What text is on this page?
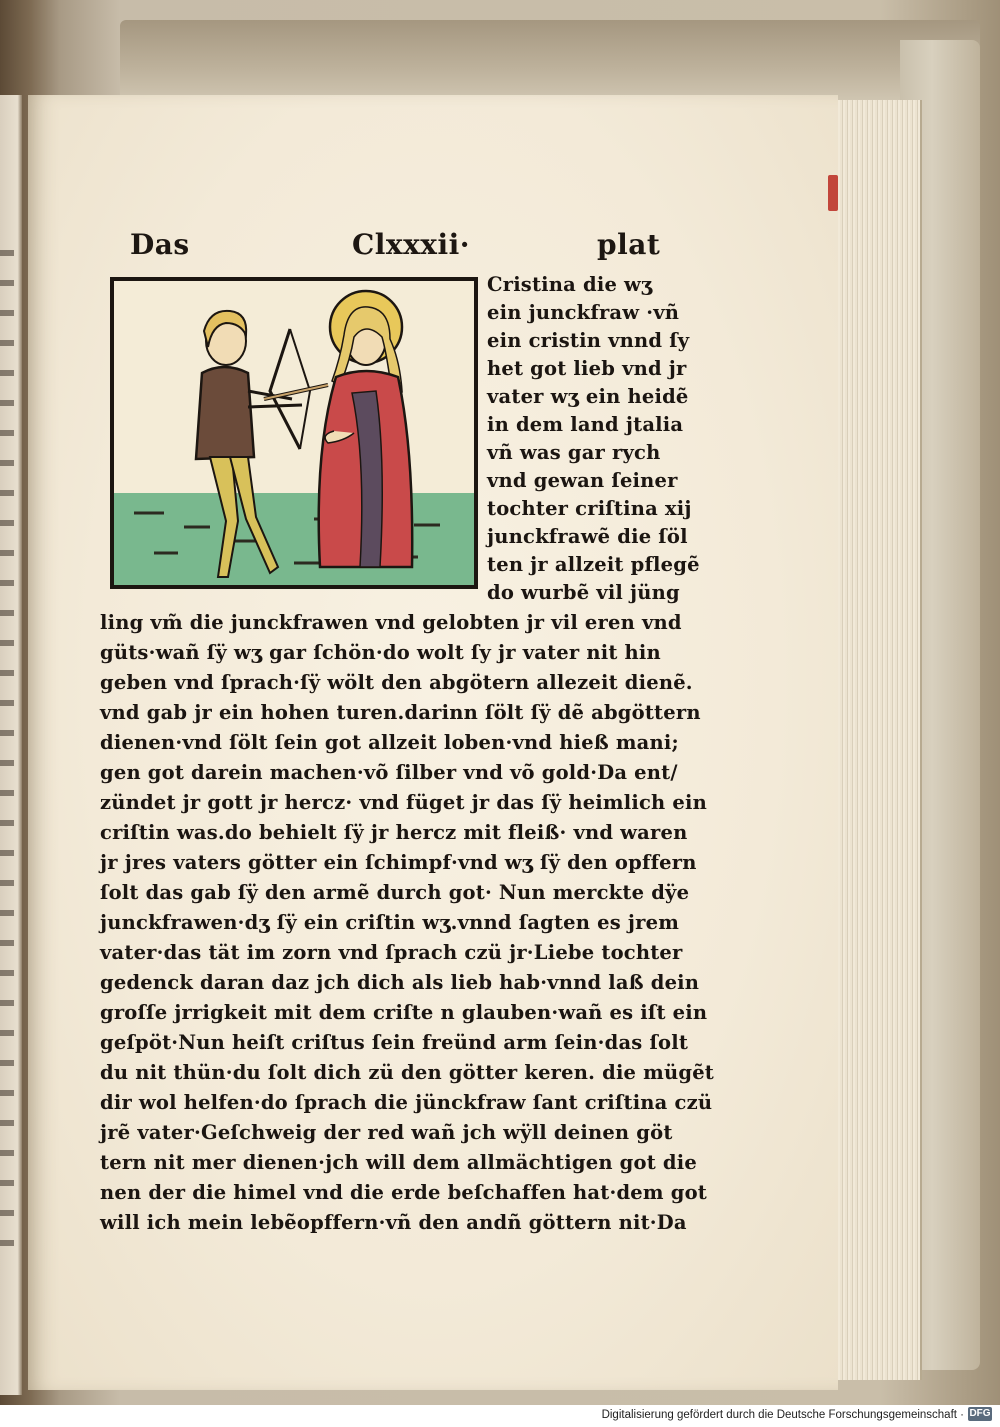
Das	Clxxxii·	plat
Cristina die wʒ
ein junckfraw ·vñ
ein cristin vnnd ſy
het got lieb vnd jr
vater wʒ ein heidẽ
in dem land jtalia
vñ was gar rych
vnd gewan ſeiner
tochter criſtina xij
junckfrawẽ die ſöl
ten jr allzeit pflegẽ
do wurbẽ vil jüng
ling vm̃ die junckfrawen vnd gelobten jr vil eren vnd
güts·wañ ſÿ wʒ gar ſchön·do wolt ſy jr vater nit hin
geben vnd ſprach·ſÿ wölt den abgötern allezeit dienẽ.
vnd gab jr ein hohen turen.darinn ſölt ſÿ dẽ abgöttern
dienen·vnd ſölt ſein got allzeit loben·vnd hieß mani;
gen got darein machen·võ ſilber vnd võ gold·Da ent/
zündet jr gott jr hercz· vnd füget jr das ſÿ heimlich ein
criſtin was.do behielt ſÿ jr hercz mit fleiß· vnd waren
jr jres vaters götter ein ſchimpf·vnd wʒ ſÿ den opffern
ſolt das gab ſÿ den armẽ durch got· Nun merckte dÿe
junckfrawen·dʒ ſÿ ein criſtin wʒ.vnnd ſagten es jrem
vater·das tät im zorn vnd ſprach czü jr·Liebe tochter
gedenck daran daz jch dich als lieb hab·vnnd laß dein
groſſe jrrigkeit mit dem criſte n glauben·wañ es iſt ein
geſpöt·Nun heiſt criſtus ſein freünd arm ſein·das ſolt
du nit thün·du ſolt dich zü den götter keren. die mügẽt
dir wol helfen·do ſprach die jünckfraw ſant criſtina czü
jrẽ vater·Geſchweig der red wañ jch wÿll deinen göt
tern nit mer dienen·jch will dem allmächtigen got die
nen der die himel vnd die erde beſchaffen hat·dem got
will ich mein lebẽopffern·vñ den andñ göttern nit·Da
Digitalisierung gefördert durch die Deutsche Forschungsgemeinschaft · DFG
